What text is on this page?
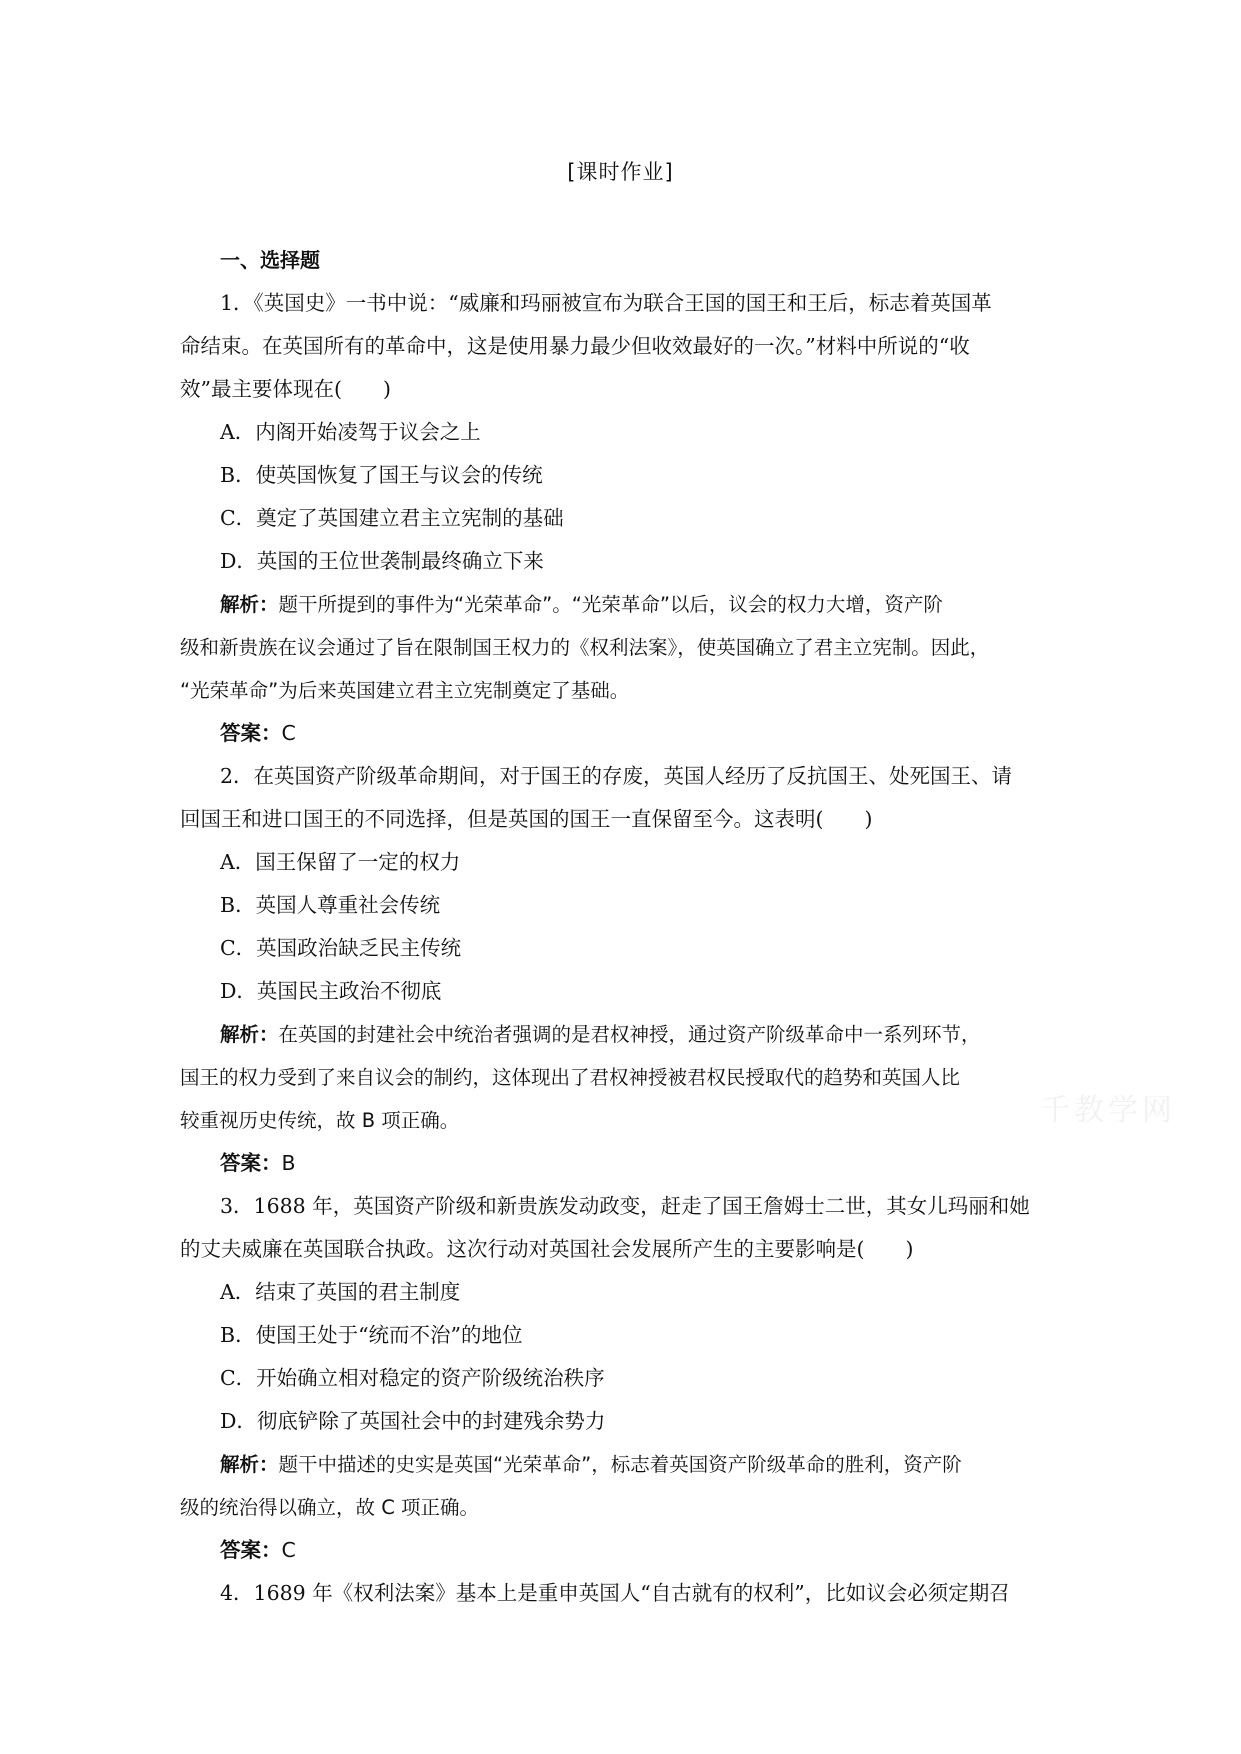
[课时作业]
千教学网
一、选择题
1．《英国史》一书中说：“威廉和玛丽被宣布为联合王国的国王和王后，标志着英国革
命结束。在英国所有的革命中，这是使用暴力最少但收效最好的一次。”材料中所说的“收
效”最主要体现在(　　)
A．内阁开始凌驾于议会之上
B．使英国恢复了国王与议会的传统
C．奠定了英国建立君主立宪制的基础
D．英国的王位世袭制最终确立下来
解析：题干所提到的事件为“光荣革命”。“光荣革命”以后，议会的权力大增，资产阶
级和新贵族在议会通过了旨在限制国王权力的《权利法案》，使英国确立了君主立宪制。因此，
“光荣革命”为后来英国建立君主立宪制奠定了基础。
答案：C
2．在英国资产阶级革命期间，对于国王的存废，英国人经历了反抗国王、处死国王、请
回国王和进口国王的不同选择，但是英国的国王一直保留至今。这表明(　　)
A．国王保留了一定的权力
B．英国人尊重社会传统
C．英国政治缺乏民主传统
D．英国民主政治不彻底
解析：在英国的封建社会中统治者强调的是君权神授，通过资产阶级革命中一系列环节，
国王的权力受到了来自议会的制约，这体现出了君权神授被君权民授取代的趋势和英国人比
较重视历史传统，故 B 项正确。
答案：B
3．1688 年，英国资产阶级和新贵族发动政变，赶走了国王詹姆士二世，其女儿玛丽和她
的丈夫威廉在英国联合执政。这次行动对英国社会发展所产生的主要影响是(　　)
A．结束了英国的君主制度
B．使国王处于“统而不治”的地位
C．开始确立相对稳定的资产阶级统治秩序
D．彻底铲除了英国社会中的封建残余势力
解析：题干中描述的史实是英国“光荣革命”，标志着英国资产阶级革命的胜利，资产阶
级的统治得以确立，故 C 项正确。
答案：C
4．1689 年《权利法案》基本上是重申英国人“自古就有的权利”，比如议会必须定期召
